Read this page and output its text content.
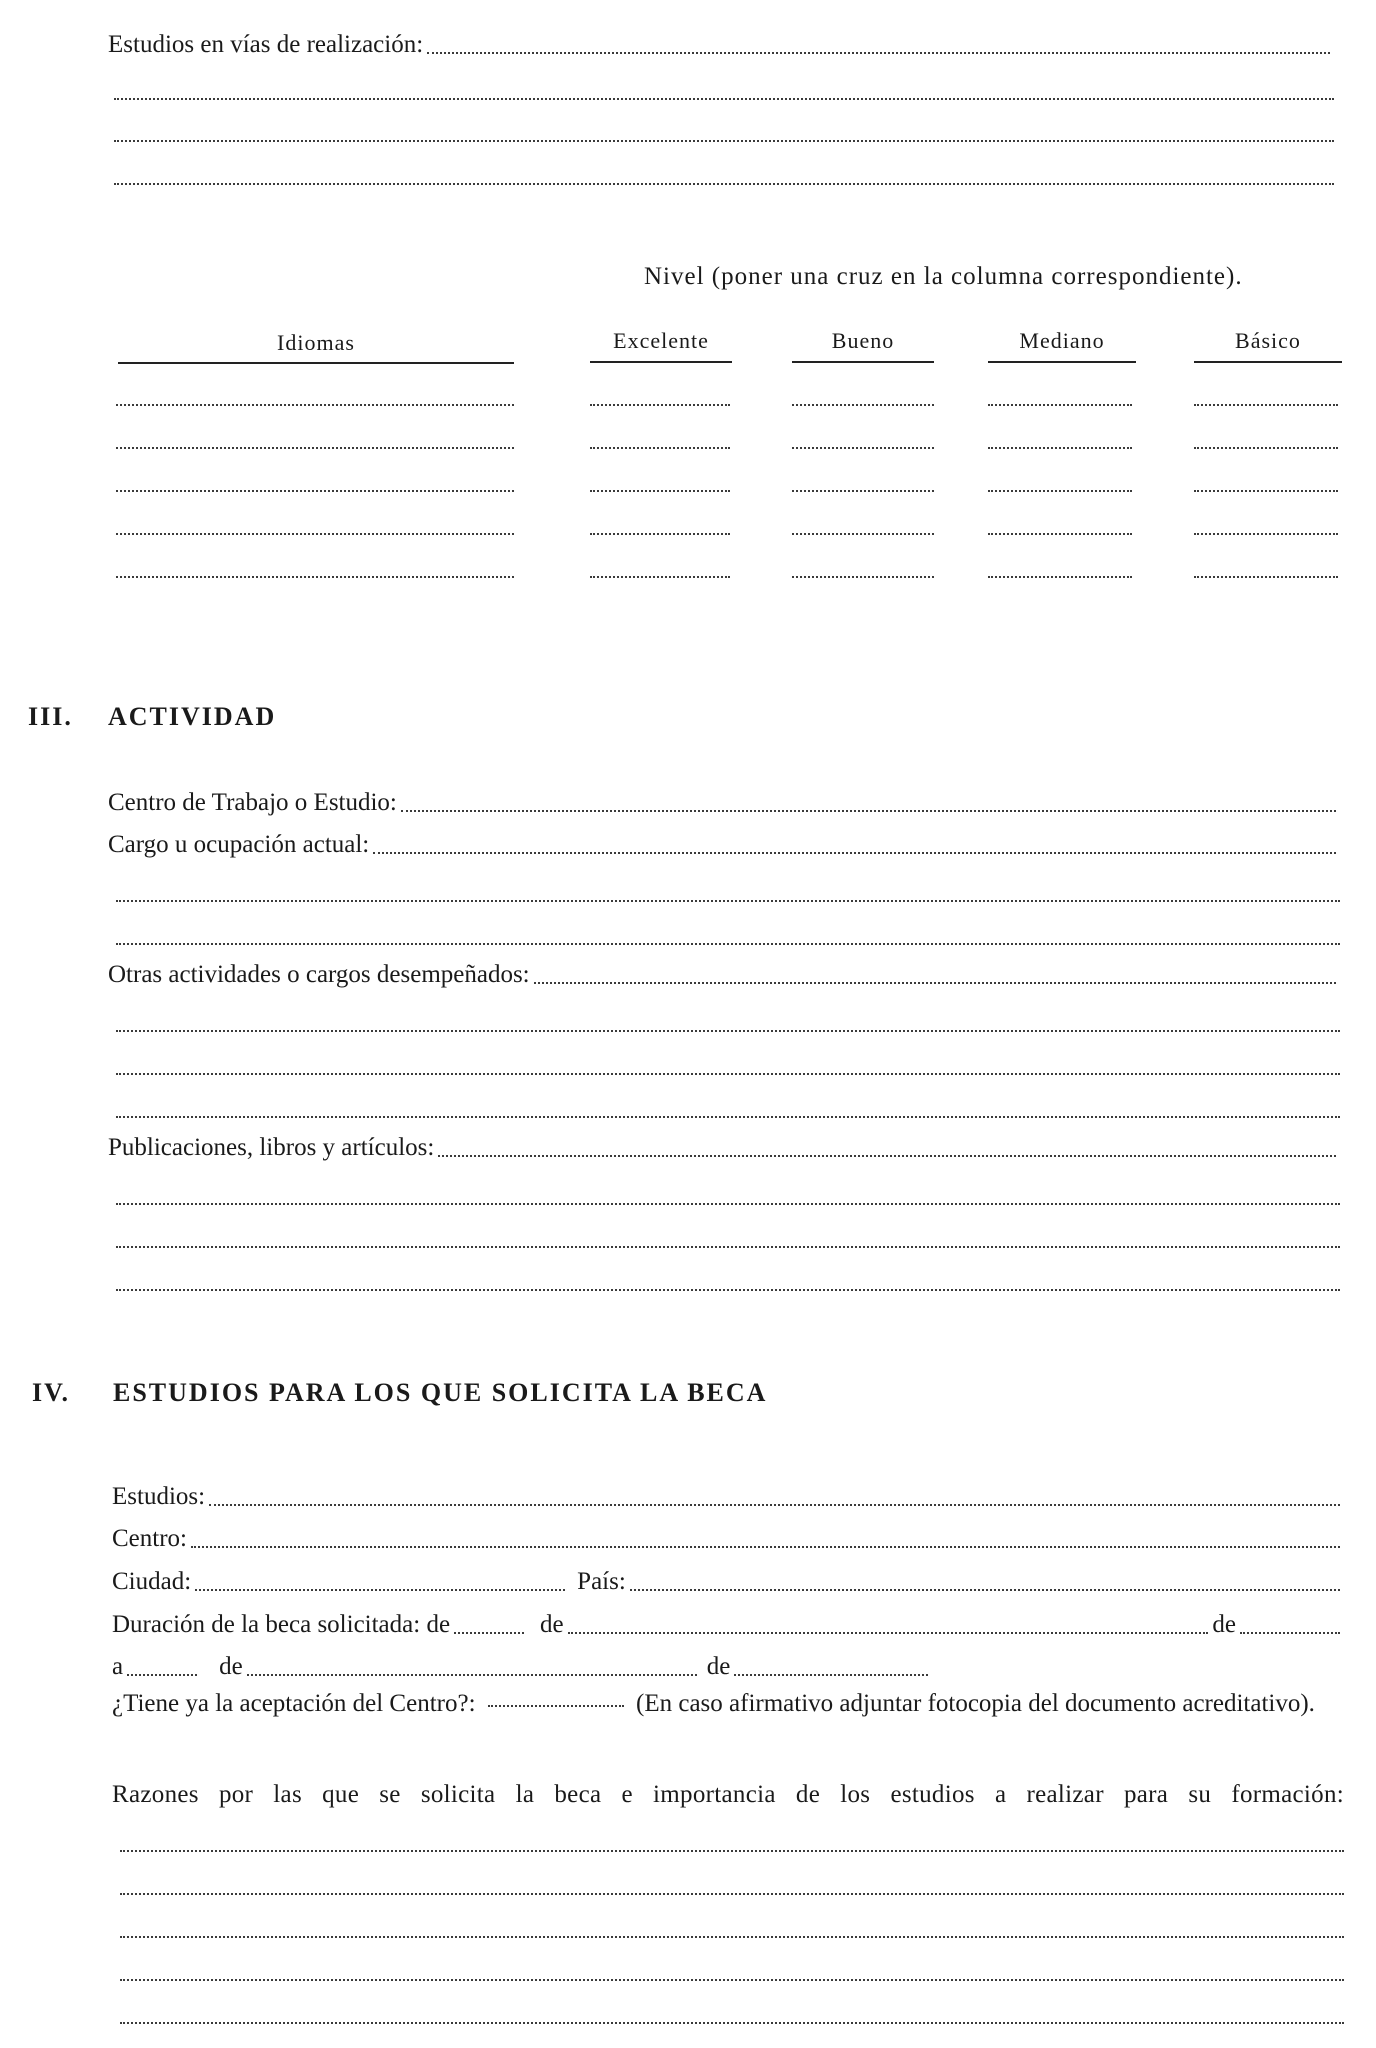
Estudios en vías de realización:
Nivel (poner una cruz en la columna correspondiente).
Idiomas	Excelente	Bueno	Mediano	Básico
III. ACTIVIDAD
Centro de Trabajo o Estudio:
Cargo u ocupación actual:
Otras actividades o cargos desempeñados:
Publicaciones, libros y artículos:
IV. ESTUDIOS PARA LOS QUE SOLICITA LA BECA
Estudios:
Centro:
Ciudad:	País:
Duración de la beca solicitada: de	de	de
a	de	de
¿Tiene ya la aceptación del Centro?:	(En caso afirmativo adjuntar fotocopia del documento acreditativo).
Razones por las que se solicita la beca e importancia de los estudios a realizar para su formación:
